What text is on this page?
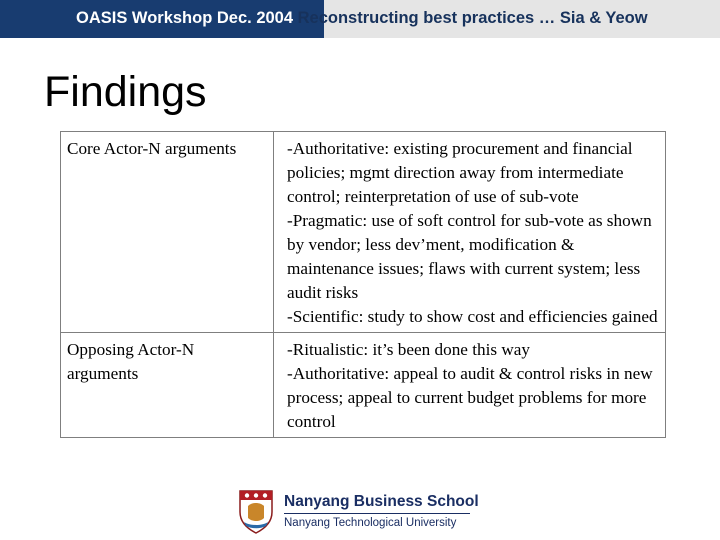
OASIS Workshop Dec. 2004 Reconstructing best practices … Sia & Yeow
Findings
Core Actor-N arguments	-Authoritative: existing procurement and financial policies; mgmt direction away from intermediate control; reinterpretation of use of sub-vote
-Pragmatic: use of soft control for sub-vote as shown by vendor; less dev’ment, modification & maintenance issues; flaws with current system; less audit risks
-Scientific: study to show cost and efficiencies gained

Opposing Actor-N arguments	-Ritualistic: it’s been done this way
-Authoritative: appeal to audit & control risks in new process; appeal to current budget problems for more control
Nanyang Business School
Nanyang Technological University
